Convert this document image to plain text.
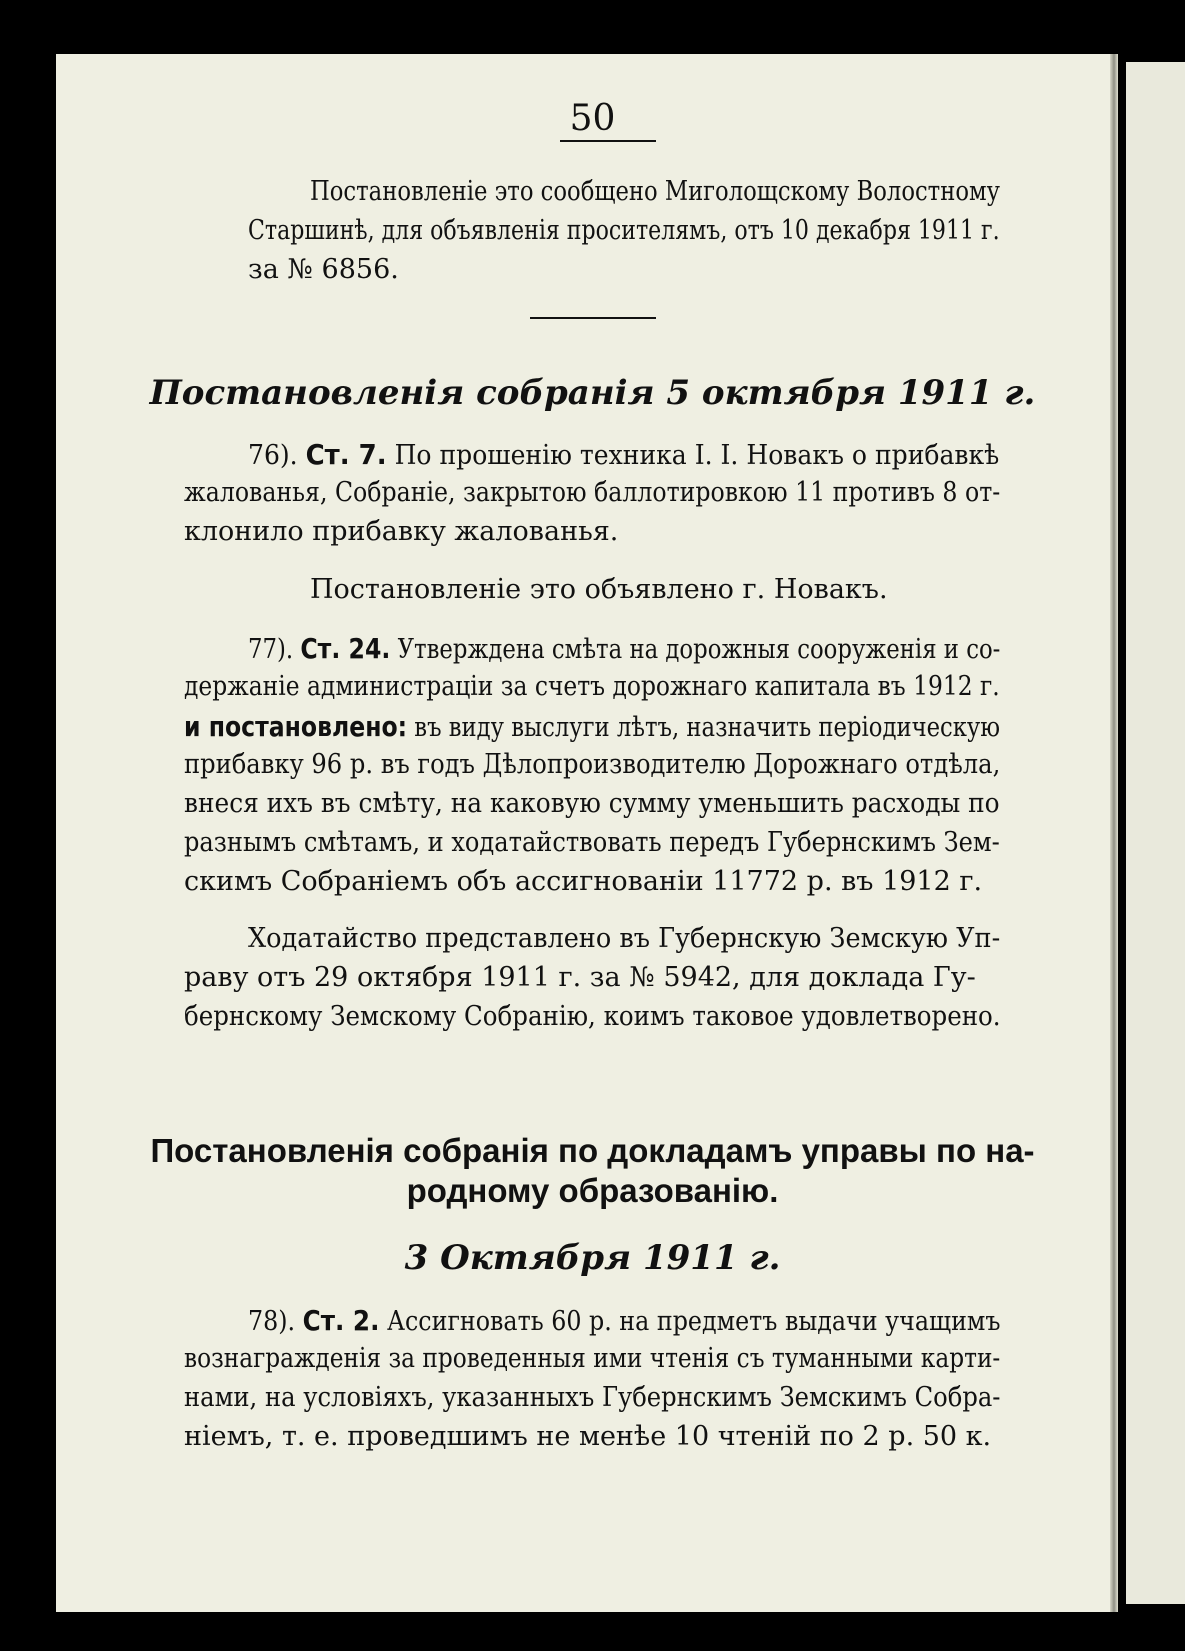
50
Постановленіе это сообщено Миголощскому Волостному
Старшинѣ, для объявленія просителямъ, отъ 10 декабря 1911 г.
за № 6856.
Постановленія собранія 5 октября 1911 г.
76). Ст. 7. По прошенію техника І. І. Новакъ о прибавкѣ
жалованья, Собраніе, закрытою баллотировкою 11 противъ 8 от-
клонило прибавку жалованья.
Постановленіе это объявлено г. Новакъ.
77). Ст. 24. Утверждена смѣта на дорожныя сооруженія и со-
держаніе администраціи за счетъ дорожнаго капитала въ 1912 г.
и постановлено: въ виду выслуги лѣтъ, назначить періодическую
прибавку 96 р. въ годъ Дѣлопроизводителю Дорожнаго отдѣла,
внеся ихъ въ смѣту, на каковую сумму уменьшить расходы по
разнымъ смѣтамъ, и ходатайствовать передъ Губернскимъ Зем-
скимъ Собраніемъ объ ассигнованіи 11772 р. въ 1912 г.
Ходатайство представлено въ Губернскую Земскую Уп-
раву отъ 29 октября 1911 г. за № 5942, для доклада Гу-
бернскому Земскому Собранію, коимъ таковое удовлетворено.
Постановленія собранія по докладамъ управы по на-
родному образованію.
3 Октября 1911 г.
78). Ст. 2. Ассигновать 60 р. на предметъ выдачи учащимъ
вознагражденія за проведенныя ими чтенія съ туманными карти-
нами, на условіяхъ, указанныхъ Губернскимъ Земскимъ Собра-
ніемъ, т. е. проведшимъ не менѣе 10 чтеній по 2 р. 50 к.
